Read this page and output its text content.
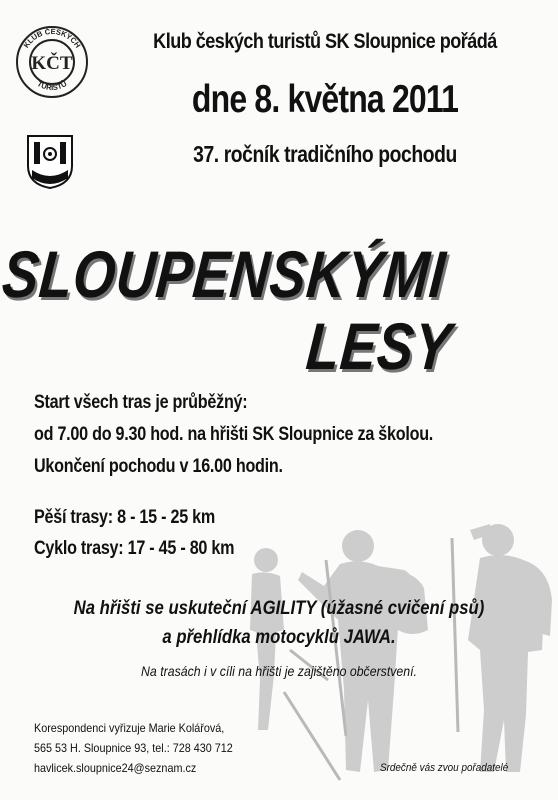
KLUB ČESKÝCH
TURISTŮ
KČT
Klub českých turistů SK Sloupnice pořádá
dne 8. května 2011
37. ročník tradičního pochodu
SLOUPENSKÝMI
LESY
Start všech tras je průběžný:
od 7.00 do 9.30 hod. na hřišti SK Sloupnice za školou.
Ukončení pochodu v 16.00 hodin.
Pěší trasy: 8 - 15 - 25 km
Cyklo trasy: 17 - 45 - 80 km
Na hřišti se uskuteční AGILITY (úžasné cvičení psů)
a přehlídka motocyklů JAWA.
Na trasách i v cíli na hřišti je zajištěno občerstvení.
Korespondenci vyřizuje Marie Kolářová,
565 53 H. Sloupnice 93, tel.: 728 430 712
havlicek.sloupnice24@seznam.cz	Srdečně vás zvou pořadatelé
